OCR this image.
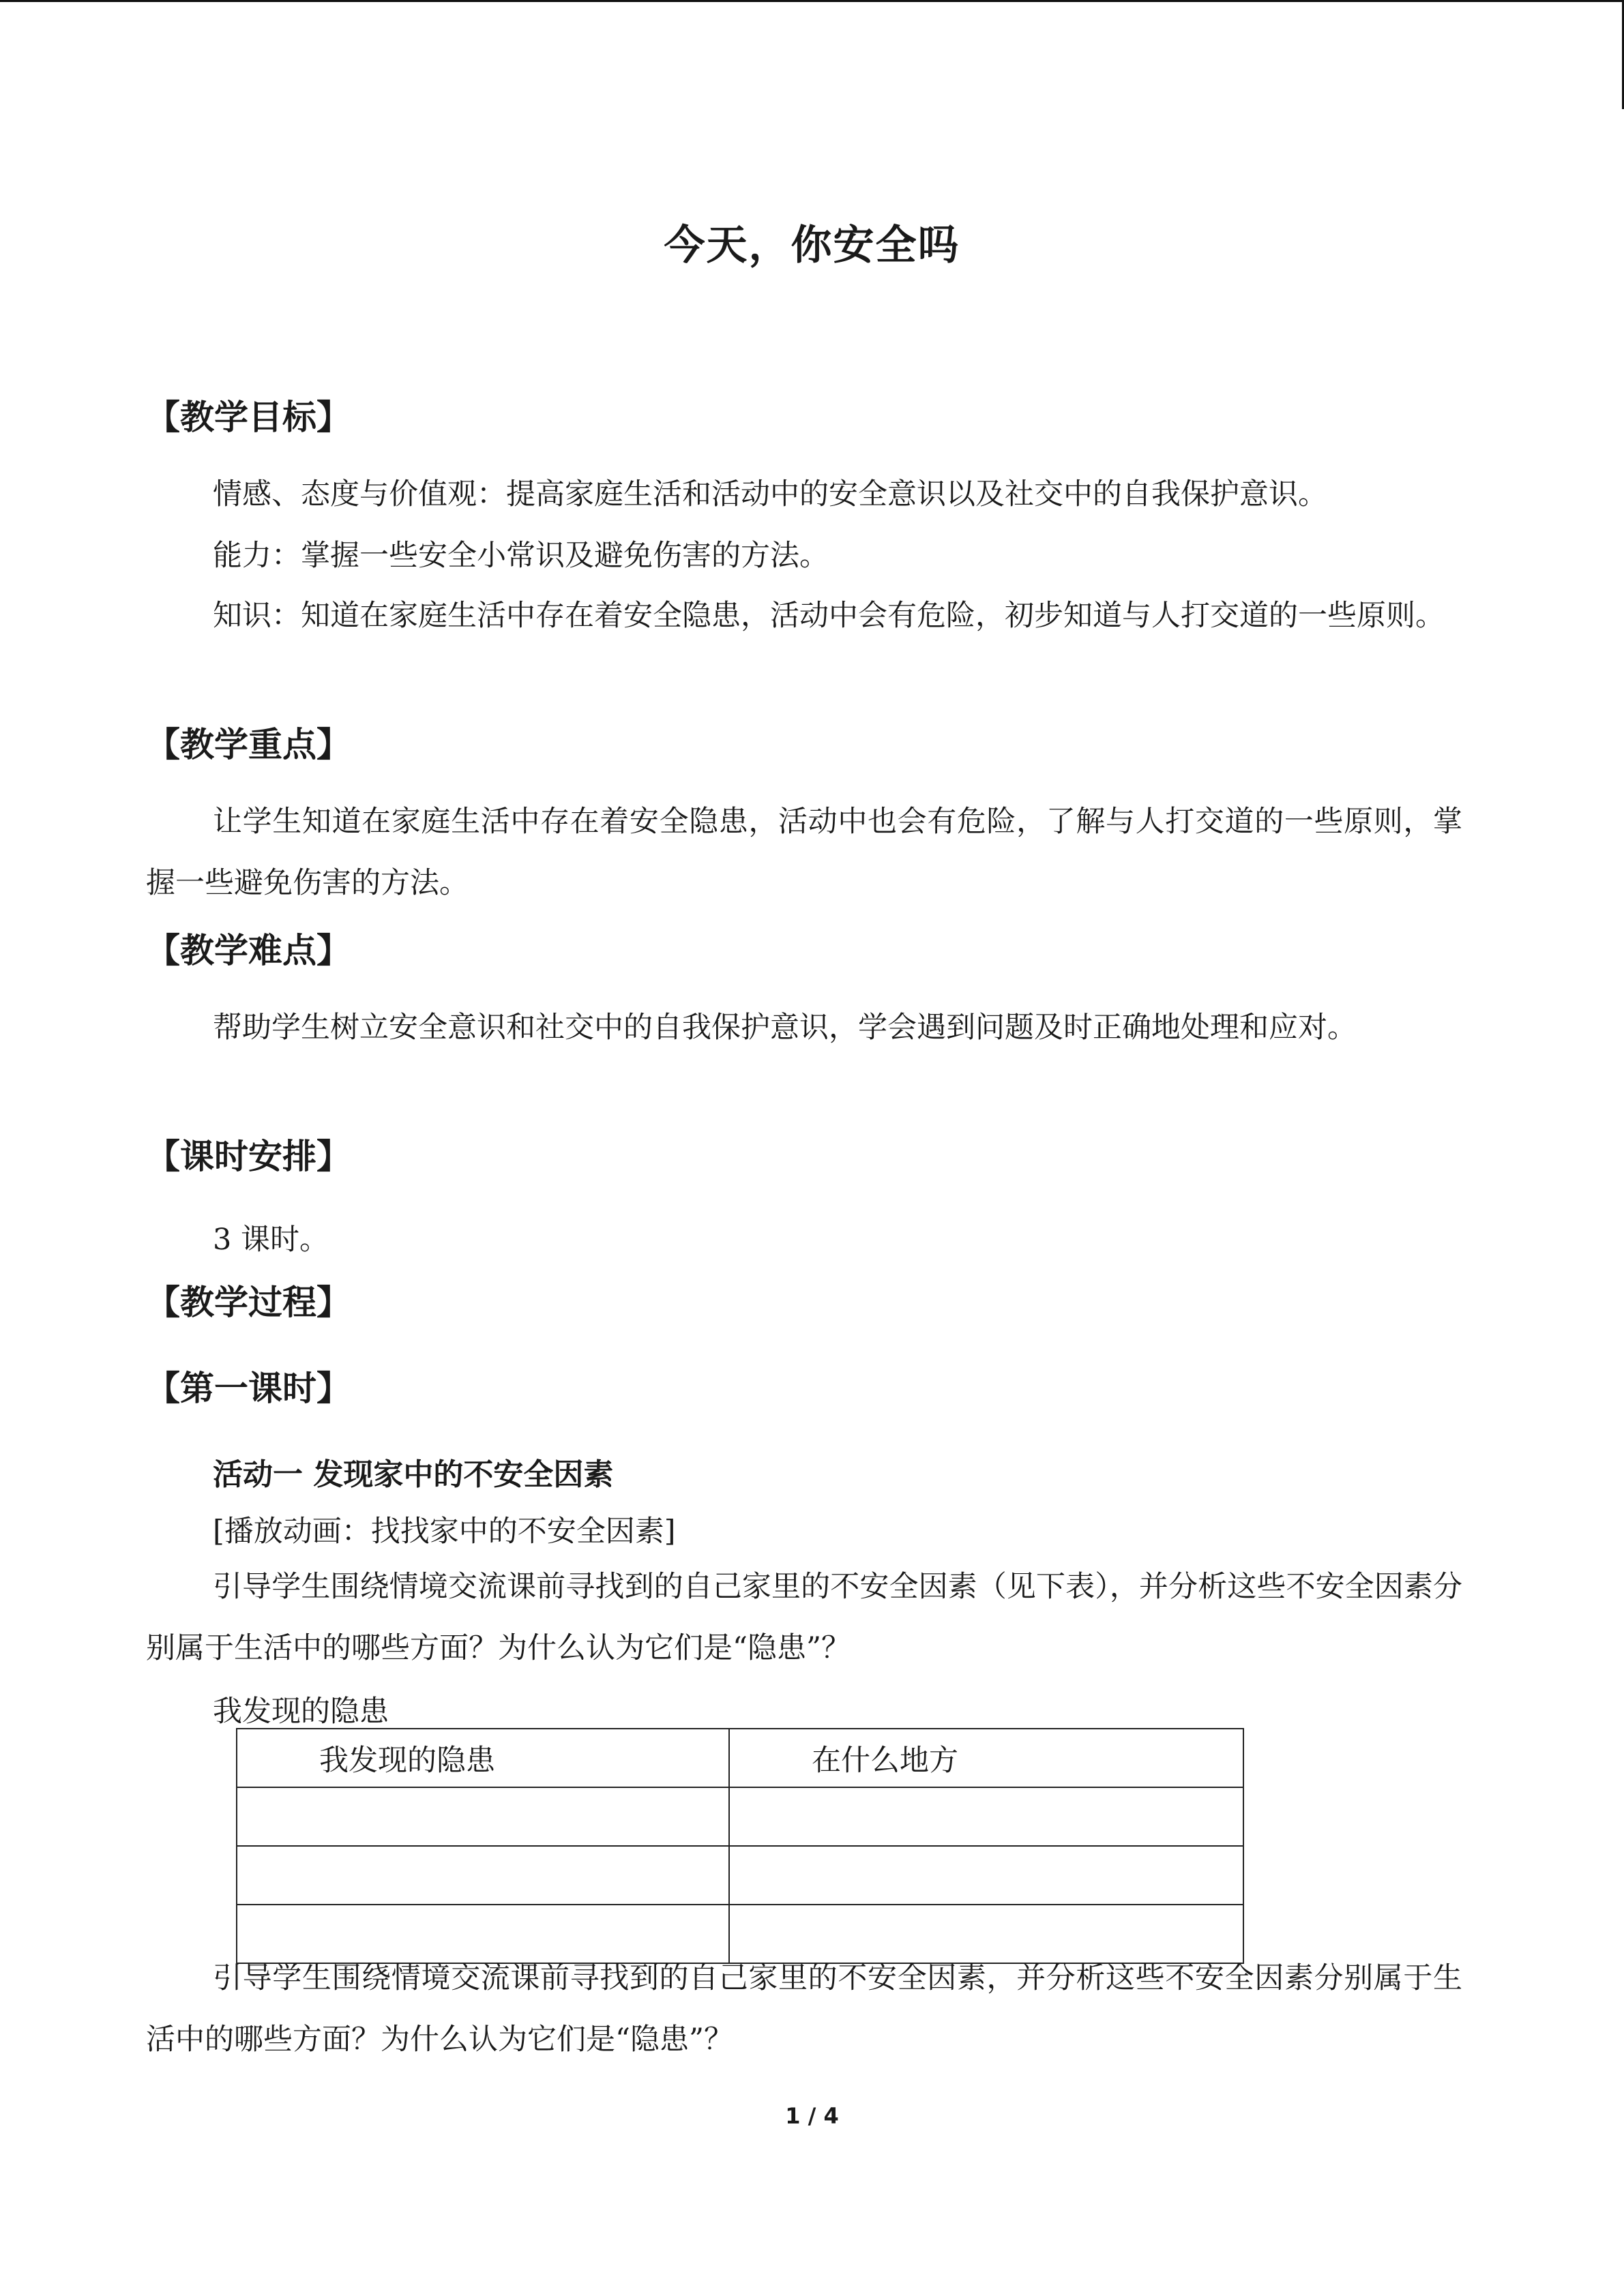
今天，你安全吗
【教学目标】

情感、态度与价值观：提高家庭生活和活动中的安全意识以及社交中的自我保护意识。

能力：掌握一些安全小常识及避免伤害的方法。

知识：知道在家庭生活中存在着安全隐患，活动中会有危险，初步知道与人打交道的一些原则。

【教学重点】

让学生知道在家庭生活中存在着安全隐患，活动中也会有危险，了解与人打交道的一些原则，掌握一些避免伤害的方法。

【教学难点】

帮助学生树立安全意识和社交中的自我保护意识，学会遇到问题及时正确地处理和应对。

【课时安排】

3 课时。

【教学过程】
【第一课时】
活动一 发现家中的不安全因素

[播放动画：找找家中的不安全因素]

引导学生围绕情境交流课前寻找到的自己家里的不安全因素（见下表），并分析这些不安全因素分别属于生活中的哪些方面？为什么认为它们是“隐患”？

我发现的隐患

我发现的隐患	在什么地方

引导学生围绕情境交流课前寻找到的自己家里的不安全因素，并分析这些不安全因素分别属于生活中的哪些方面？为什么认为它们是“隐患”？

1 / 4
